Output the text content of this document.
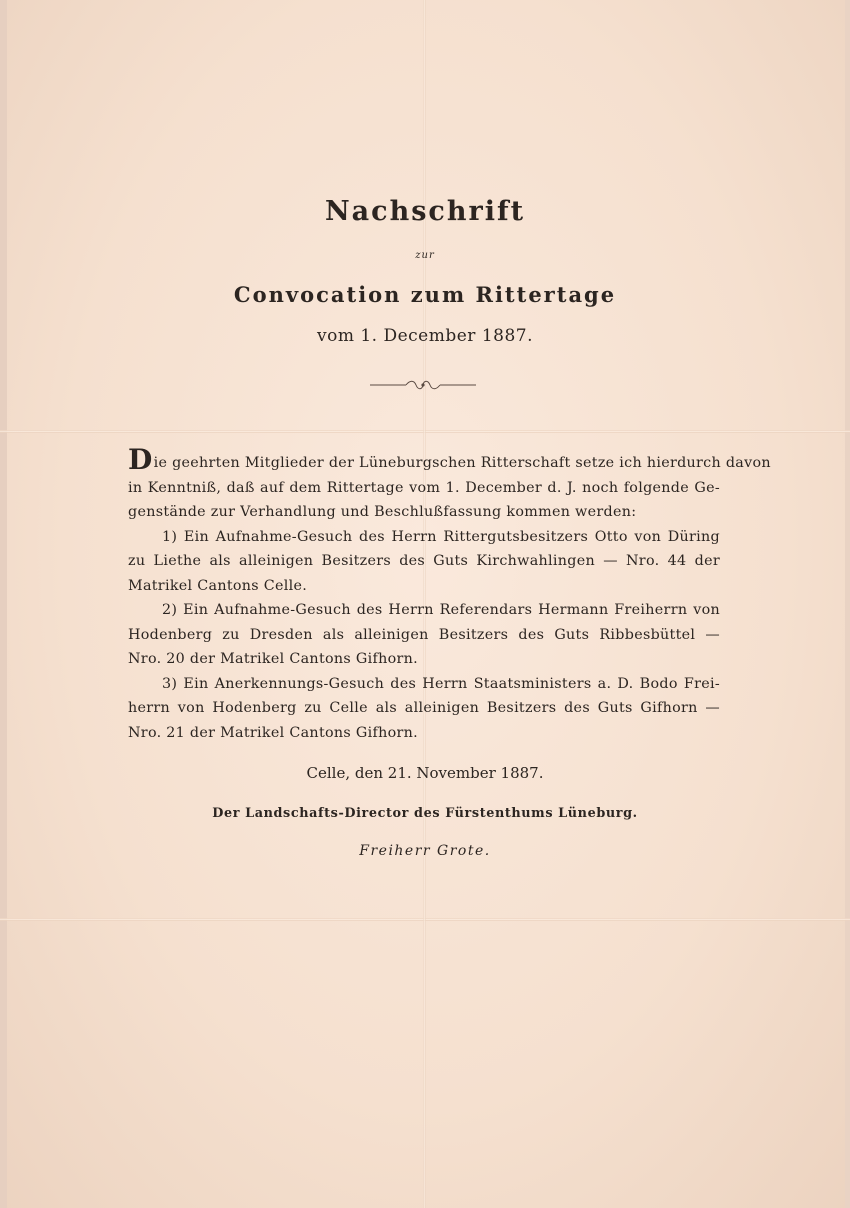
Nachschrift
zur
Convocation zum Rittertage
vom 1. December 1887.
Die geehrten Mitglieder der Lüneburgschen Ritterschaft setze ich hierdurch davon
in Kenntniß, daß auf dem Rittertage vom 1. December d. J. noch folgende Ge-
genstände zur Verhandlung und Beschlußfassung kommen werden:
1) Ein Aufnahme-Gesuch des Herrn Rittergutsbesitzers Otto von Düring
zu Liethe als alleinigen Besitzers des Guts Kirchwahlingen — Nro. 44 der
Matrikel Cantons Celle.
2) Ein Aufnahme-Gesuch des Herrn Referendars Hermann Freiherrn von
Hodenberg zu Dresden als alleinigen Besitzers des Guts Ribbesbüttel —
Nro. 20 der Matrikel Cantons Gifhorn.
3) Ein Anerkennungs-Gesuch des Herrn Staatsministers a. D. Bodo Frei-
herrn von Hodenberg zu Celle als alleinigen Besitzers des Guts Gifhorn —
Nro. 21 der Matrikel Cantons Gifhorn.
Celle, den 21. November 1887.
Der Landschafts-Director des Fürstenthums Lüneburg.
Freiherr Grote.
